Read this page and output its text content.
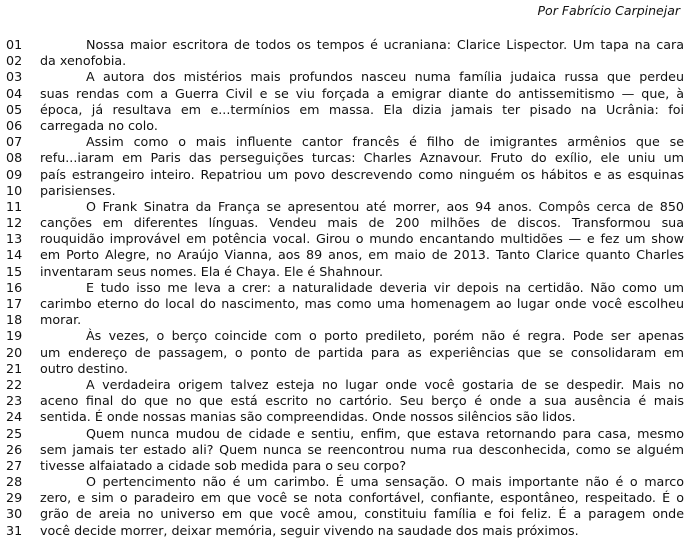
Por Fabrício Carpinejar
01	Nossa maior escritora de todos os tempos é ucraniana: Clarice Lispector. Um tapa na cara
02 da xenofobia.
03	A autora dos mistérios mais profundos nasceu numa família judaica russa que perdeu
04 suas rendas com a Guerra Civil e se viu forçada a emigrar diante do antissemitismo — que, à
05 época, já resultava em e...termínios em massa. Ela dizia jamais ter pisado na Ucrânia: foi
06 carregada no colo.
07	Assim como o mais influente cantor francês é filho de imigrantes armênios que se
08 refu...iaram em Paris das perseguições turcas: Charles Aznavour. Fruto do exílio, ele uniu um
09 país estrangeiro inteiro. Repatriou um povo descrevendo como ninguém os hábitos e as esquinas
10 parisienses.
11	O Frank Sinatra da França se apresentou até morrer, aos 94 anos. Compôs cerca de 850
12 canções em diferentes línguas. Vendeu mais de 200 milhões de discos. Transformou sua
13 rouquidão improvável em potência vocal. Girou o mundo encantando multidões — e fez um show
14 em Porto Alegre, no Araújo Vianna, aos 89 anos, em maio de 2013. Tanto Clarice quanto Charles
15 inventaram seus nomes. Ela é Chaya. Ele é Shahnour.
16	E tudo isso me leva a crer: a naturalidade deveria vir depois na certidão. Não como um
17 carimbo eterno do local do nascimento, mas como uma homenagem ao lugar onde você escolheu
18 morar.
19	Às vezes, o berço coincide com o porto predileto, porém não é regra. Pode ser apenas
20 um endereço de passagem, o ponto de partida para as experiências que se consolidaram em
21 outro destino.
22	A verdadeira origem talvez esteja no lugar onde você gostaria de se despedir. Mais no
23 aceno final do que no que está escrito no cartório. Seu berço é onde a sua ausência é mais
24 sentida. É onde nossas manias são compreendidas. Onde nossos silêncios são lidos.
25	Quem nunca mudou de cidade e sentiu, enfim, que estava retornando para casa, mesmo
26 sem jamais ter estado ali? Quem nunca se reencontrou numa rua desconhecida, como se alguém
27 tivesse alfaiatado a cidade sob medida para o seu corpo?
28	O pertencimento não é um carimbo. É uma sensação. O mais importante não é o marco
29 zero, e sim o paradeiro em que você se nota confortável, confiante, espontâneo, respeitado. É o
30 grão de areia no universo em que você amou, constituiu família e foi feliz. É a paragem onde
31 você decide morrer, deixar memória, seguir vivendo na saudade dos mais próximos.
